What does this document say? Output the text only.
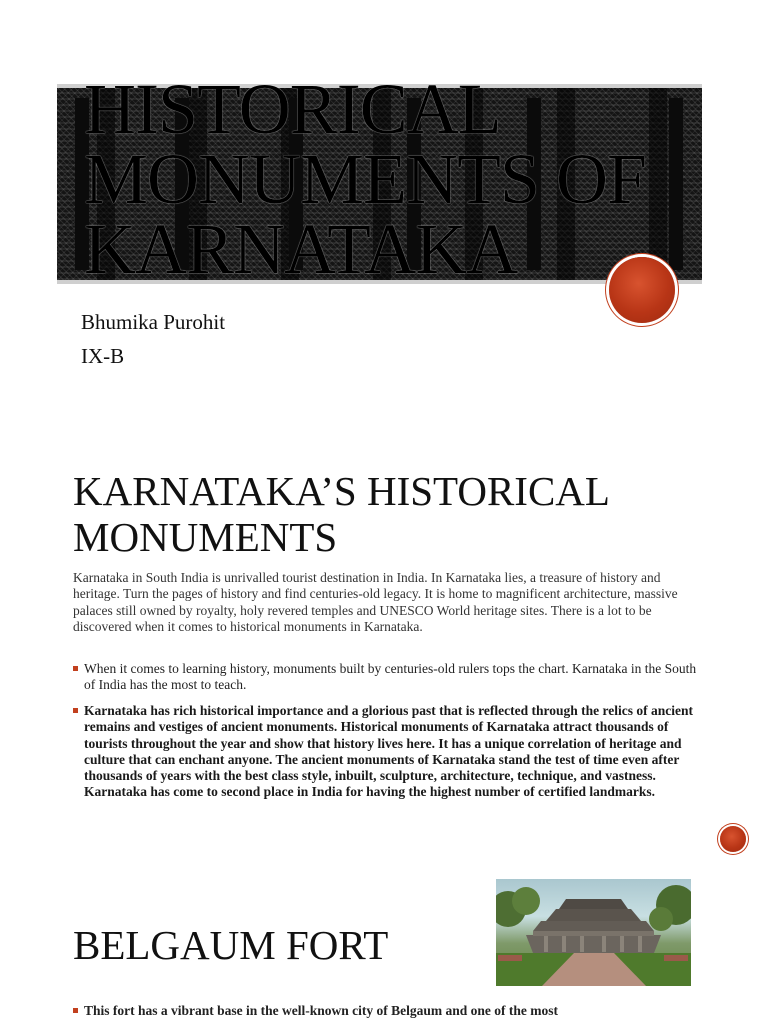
HISTORICAL
MONUMENTS OF
KARNATAKA
Bhumika Purohit
IX-B
KARNATAKA’S HISTORICAL
MONUMENTS

Karnataka in South India is unrivalled tourist destination in India. In Karnataka lies, a treasure of history and heritage. Turn the pages of history and find centuries-old legacy. It is home to magnificent architecture, massive palaces still owned by royalty, holy revered temples and UNESCO World heritage sites. There is a lot to be discovered when it comes to historical monuments in Karnataka.

When it comes to learning history, monuments built by centuries-old rulers tops the chart. Karnataka in the South of India has the most to teach.
Karnataka has rich historical importance and a glorious past that is reflected through the relics of ancient remains and vestiges of ancient monuments. Historical monuments of Karnataka attract thousands of tourists throughout the year and show that history lives here. It has a unique correlation of heritage and culture that can enchant anyone. The ancient monuments of Karnataka stand the test of time even after thousands of years with the best class style, inbuilt, sculpture, architecture, technique, and vastness. Karnataka has come to second place in India for having the highest number of certified landmarks.
BELGAUM FORT
This fort has a vibrant base in the well-known city of Belgaum and one of the most
